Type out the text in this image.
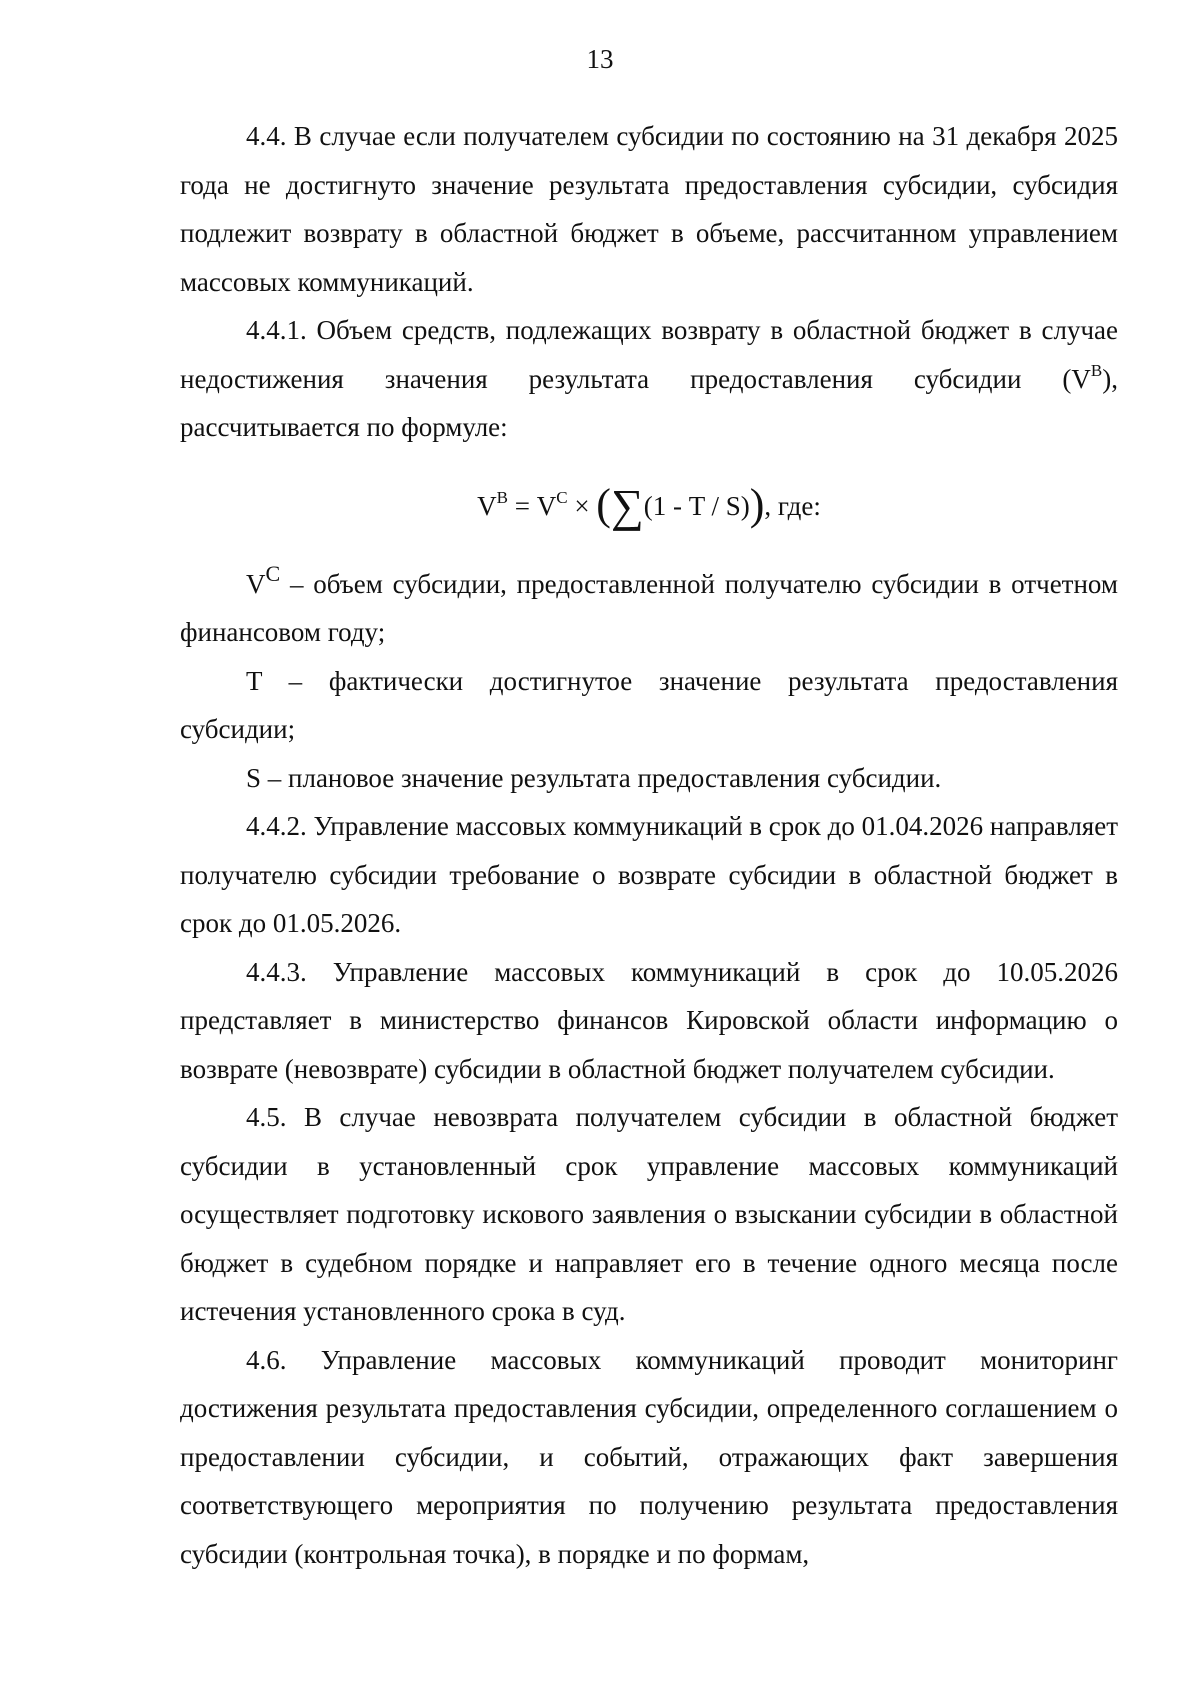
13

4.4. В случае если получателем субсидии по состоянию на 31 декабря 2025 года не достигнуто значение результата предоставления субсидии, субсидия подлежит возврату в областной бюджет в объеме, рассчитанном управлением массовых коммуникаций.

4.4.1. Объем средств, подлежащих возврату в областной бюджет в случае недостижения значения результата предоставления субсидии $(V^В)$, рассчитывается по формуле:

$V^В = V^С \times (\sum(1 - T / S))$, где:

$V^С$ – объем субсидии, предоставленной получателю субсидии в отчетном финансовом году;

T – фактически достигнутое значение результата предоставления субсидии;

S – плановое значение результата предоставления субсидии.

4.4.2. Управление массовых коммуникаций в срок до 01.04.2026 направляет получателю субсидии требование о возврате субсидии в областной бюджет в срок до 01.05.2026.

4.4.3. Управление массовых коммуникаций в срок до 10.05.2026 представляет в министерство финансов Кировской области информацию о возврате (невозврате) субсидии в областной бюджет получателем субсидии.

4.5. В случае невозврата получателем субсидии в областной бюджет субсидии в установленный срок управление массовых коммуникаций осуществляет подготовку искового заявления о взыскании субсидии в областной бюджет в судебном порядке и направляет его в течение одного месяца после истечения установленного срока в суд.

4.6. Управление массовых коммуникаций проводит мониторинг достижения результата предоставления субсидии, определенного соглашением о предоставлении субсидии, и событий, отражающих факт завершения соответствующего мероприятия по получению результата предоставления субсидии (контрольная точка), в порядке и по формам,
